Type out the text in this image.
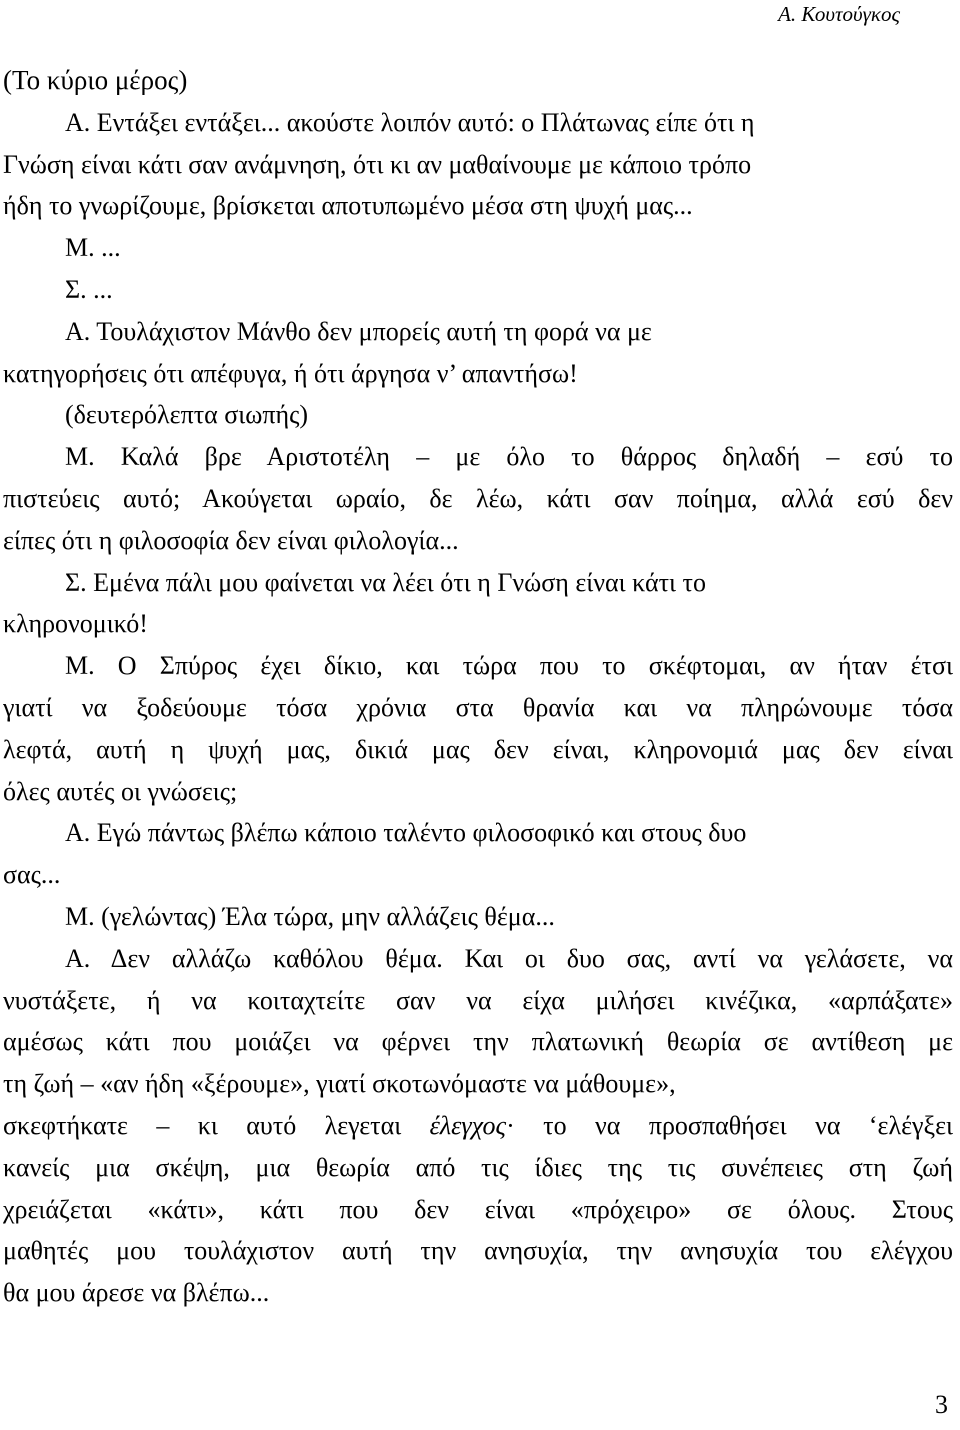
Α. Κουτούγκος
(Το κύριο μέρος)
Α. Εντάξει εντάξει... ακούστε λοιπόν αυτό: ο Πλάτωνας είπε ότι η
Γνώση είναι κάτι σαν ανάμνηση, ότι κι αν μαθαίνουμε με κάποιο τρόπο
ήδη το γνωρίζουμε, βρίσκεται αποτυπωμένο μέσα στη ψυχή μας...
Μ. ...
Σ. ...
Α. Τουλάχιστον Μάνθο δεν μπορείς αυτή τη φορά να με
κατηγορήσεις ότι απέφυγα, ή ότι άργησα ν’ απαντήσω!
(δευτερόλεπτα σιωπής)
Μ. Καλά βρε Αριστοτέλη – με όλο το θάρρος δηλαδή – εσύ το
πιστεύεις αυτό; Ακούγεται ωραίο, δε λέω, κάτι σαν ποίημα, αλλά εσύ δεν
είπες ότι η φιλοσοφία δεν είναι φιλολογία...
Σ. Εμένα πάλι μου φαίνεται να λέει ότι η Γνώση είναι κάτι το
κληρονομικό!
Μ. Ο Σπύρος έχει δίκιο, και τώρα που το σκέφτομαι, αν ήταν έτσι
γιατί να ξοδεύουμε τόσα χρόνια στα θρανία και να πληρώνουμε τόσα
λεφτά, αυτή η ψυχή μας, δικιά μας δεν είναι, κληρονομιά μας δεν είναι
όλες αυτές οι γνώσεις;
Α. Εγώ πάντως βλέπω κάποιο ταλέντο φιλοσοφικό και στους δυο
σας...
Μ. (γελώντας) Έλα τώρα, μην αλλάζεις θέμα...
Α. Δεν αλλάζω καθόλου θέμα. Και οι δυο σας, αντί να γελάσετε, να
νυστάξετε, ή να κοιταχτείτε σαν να είχα μιλήσει κινέζικα, «αρπάξατε»
αμέσως κάτι που μοιάζει να φέρνει την πλατωνική θεωρία σε αντίθεση με
τη ζωή – «αν ήδη «ξέρουμε», γιατί σκοτωνόμαστε να μάθουμε»,
σκεφτήκατε – κι αυτό λεγεται έλεγχος· το να προσπαθήσει να ‘ελέγξει
κανείς μια σκέψη, μια θεωρία από τις ίδιες της τις συνέπειες στη ζωή
χρειάζεται «κάτι», κάτι που δεν είναι «πρόχειρο» σε όλους. Στους
μαθητές μου τουλάχιστον αυτή την ανησυχία, την ανησυχία του ελέγχου
θα μου άρεσε να βλέπω...
3
